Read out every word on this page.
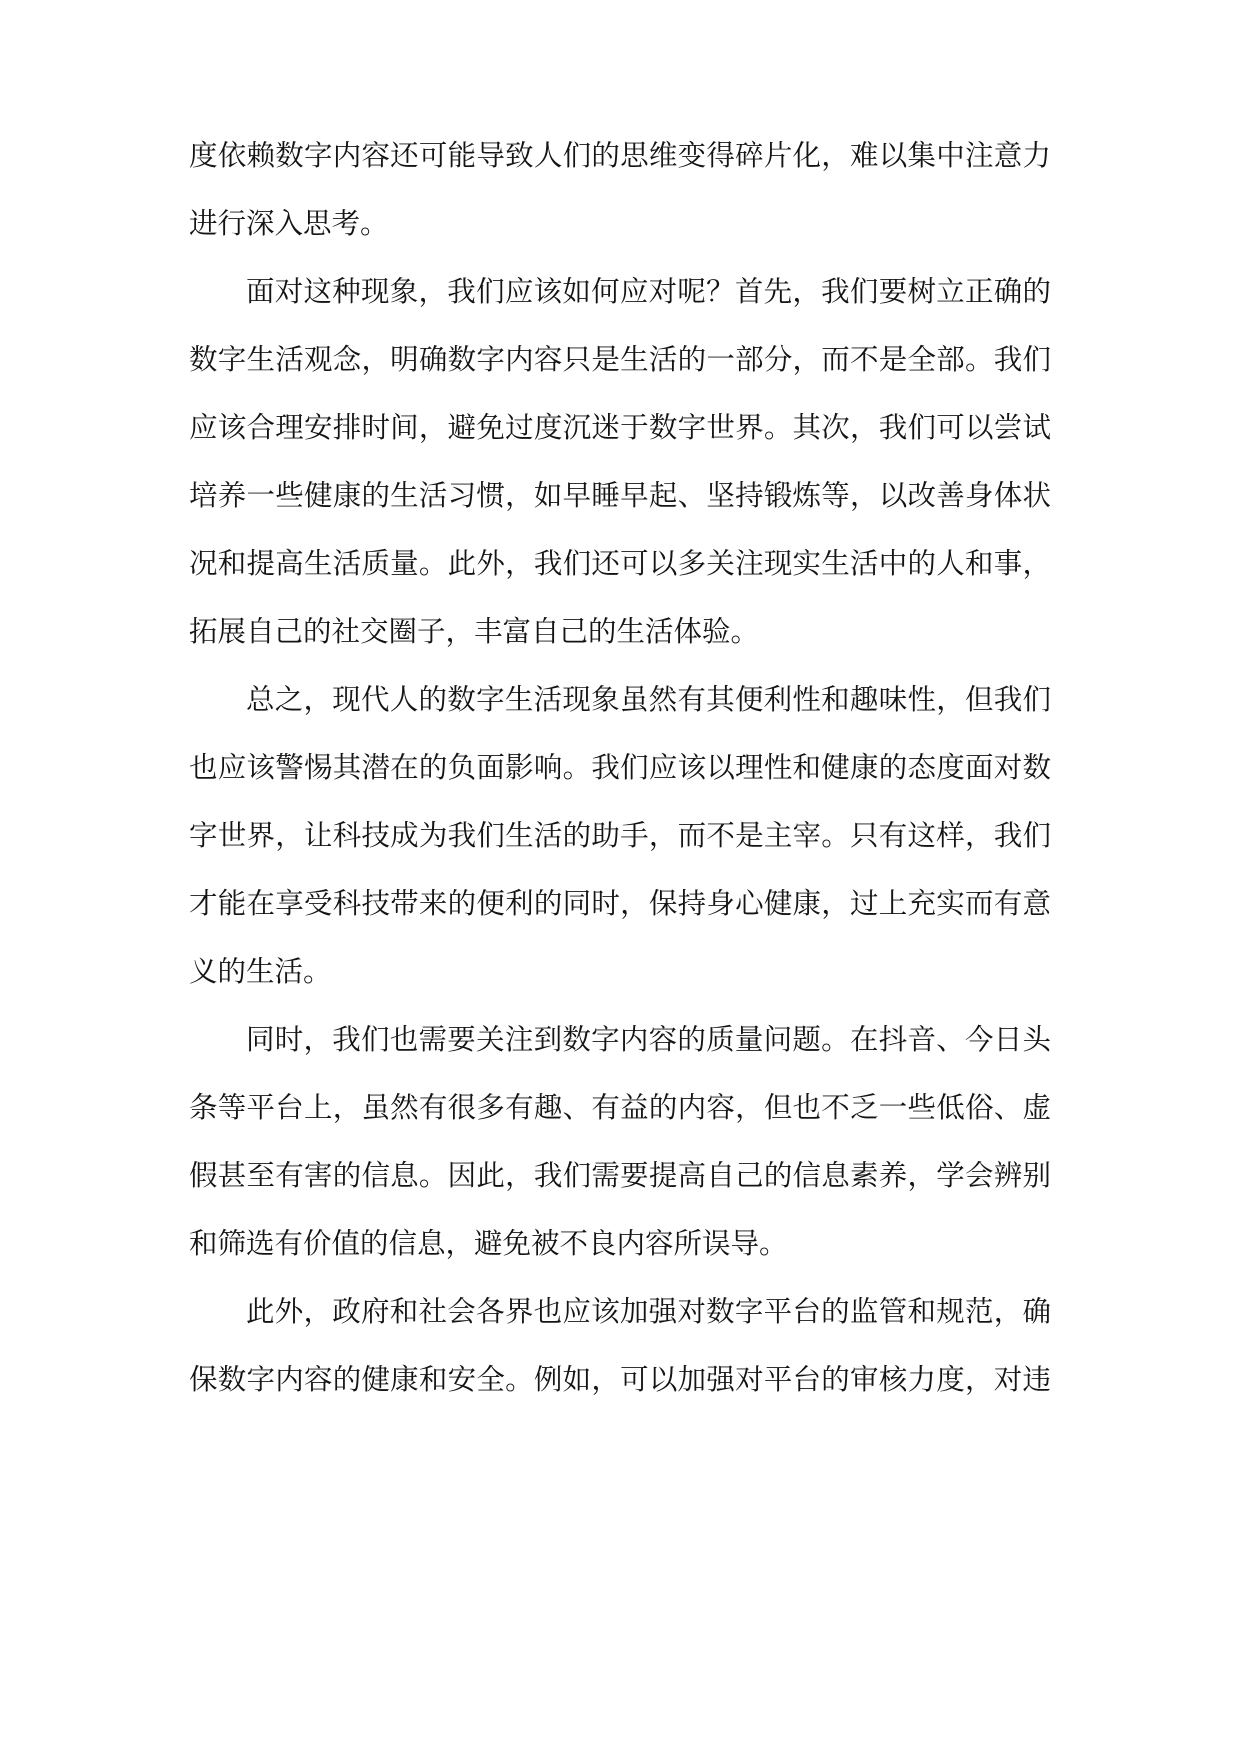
度依赖数字内容还可能导致人们的思维变得碎片化，难以集中注意力
进行深入思考。
面对这种现象，我们应该如何应对呢？首先，我们要树立正确的
数字生活观念，明确数字内容只是生活的一部分，而不是全部。我们
应该合理安排时间，避免过度沉迷于数字世界。其次，我们可以尝试
培养一些健康的生活习惯，如早睡早起、坚持锻炼等，以改善身体状
况和提高生活质量。此外，我们还可以多关注现实生活中的人和事，
拓展自己的社交圈子，丰富自己的生活体验。
总之，现代人的数字生活现象虽然有其便利性和趣味性，但我们
也应该警惕其潜在的负面影响。我们应该以理性和健康的态度面对数
字世界，让科技成为我们生活的助手，而不是主宰。只有这样，我们
才能在享受科技带来的便利的同时，保持身心健康，过上充实而有意
义的生活。
同时，我们也需要关注到数字内容的质量问题。在抖音、今日头
条等平台上，虽然有很多有趣、有益的内容，但也不乏一些低俗、虚
假甚至有害的信息。因此，我们需要提高自己的信息素养，学会辨别
和筛选有价值的信息，避免被不良内容所误导。
此外，政府和社会各界也应该加强对数字平台的监管和规范，确
保数字内容的健康和安全。例如，可以加强对平台的审核力度，对违
